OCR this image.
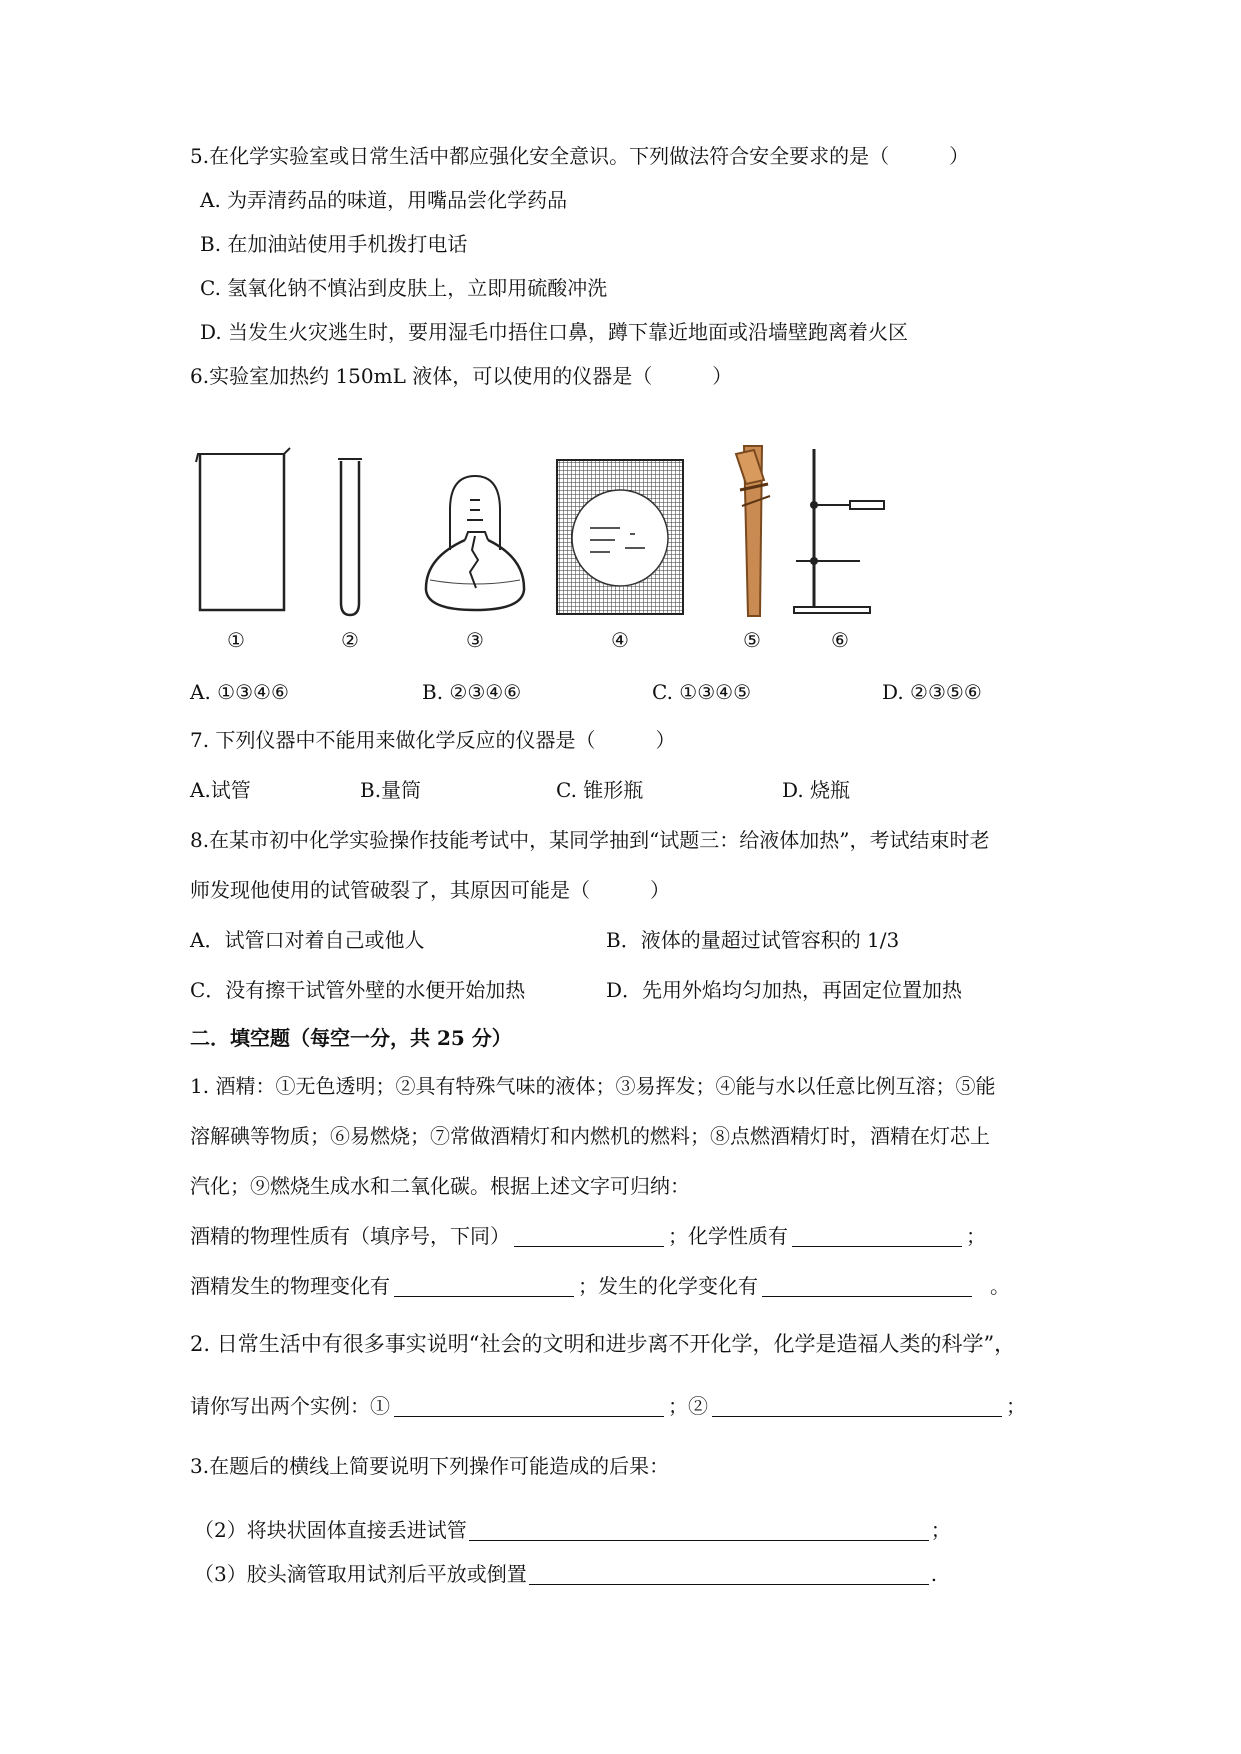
5.在化学实验室或日常生活中都应强化安全意识。下列做法符合安全要求的是（　　　）
A. 为弄清药品的味道，用嘴品尝化学药品
B. 在加油站使用手机拨打电话
C. 氢氧化钠不慎沾到皮肤上，立即用硫酸冲洗
D. 当发生火灾逃生时，要用湿毛巾捂住口鼻，蹲下靠近地面或沿墙壁跑离着火区
6.实验室加热约 150mL 液体，可以使用的仪器是（　　　）
①	②	③	④	⑤	⑥
A. ①③④⑥	B. ②③④⑥	C. ①③④⑤	D. ②③⑤⑥
7. 下列仪器中不能用来做化学反应的仪器是（　　　）
A.试管	B.量筒	C. 锥形瓶	D. 烧瓶
8.在某市初中化学实验操作技能考试中，某同学抽到“试题三：给液体加热”，考试结束时老
师发现他使用的试管破裂了，其原因可能是（　　　）
A．试管口对着自己或他人	B．液体的量超过试管容积的 1/3
C．没有擦干试管外壁的水便开始加热	D．先用外焰均匀加热，再固定位置加热
二．填空题（每空一分，共 25 分）
1. 酒精：①无色透明；②具有特殊气味的液体；③易挥发；④能与水以任意比例互溶；⑤能
溶解碘等物质；⑥易燃烧；⑦常做酒精灯和内燃机的燃料；⑧点燃酒精灯时，酒精在灯芯上
汽化；⑨燃烧生成水和二氧化碳。根据上述文字可归纳：
酒精的物理性质有（填序号，下同）	；化学性质有	；
酒精发生的物理变化有	；发生的化学变化有	。
2. 日常生活中有很多事实说明“社会的文明和进步离不开化学，化学是造福人类的科学”，
请你写出两个实例：①	；②	；
3.在题后的横线上简要说明下列操作可能造成的后果：
（2）将块状固体直接丢进试管	；
（3）胶头滴管取用试剂后平放或倒置	.
